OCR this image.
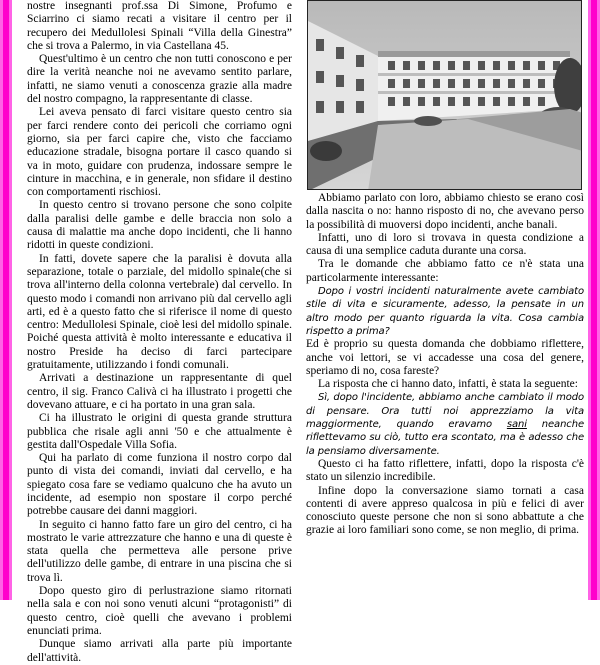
nostre insegnanti prof.ssa Di Simone, Profumo e Sciarrino ci siamo recati a visitare il centro per il recupero dei Medullolesi Spinali “Villa della Ginestra” che si trova a Palermo, in via Castellana 45.

Quest'ultimo è un centro che non tutti conoscono e per dire la verità neanche noi ne avevamo sentito parlare, infatti, ne siamo venuti a conoscenza grazie alla madre del nostro compagno, la rappresentante di classe.

Lei aveva pensato di farci visitare questo centro sia per farci rendere conto dei pericoli che corriamo ogni giorno, sia per farci capire che, visto che facciamo educazione stradale, bisogna portare il casco quando si va in moto, guidare con prudenza, indossare sempre le cinture in macchina, e in generale, non sfidare il destino con comportamenti rischiosi.

In questo centro si trovano persone che sono colpite dalla paralisi delle gambe e delle braccia non solo a causa di malattie ma anche dopo incidenti, che li hanno ridotti in queste condizioni.

In fatti, dovete sapere che la paralisi è dovuta alla separazione, totale o parziale, del midollo spinale(che si trova all'interno della colonna vertebrale) dal cervello. In questo modo i comandi non arrivano più dal cervello agli arti, ed è a questo fatto che si riferisce il nome di questo centro: Medullolesi Spinale, cioè lesi del midollo spinale. Poiché questa attività è molto interessante e educativa il nostro Preside ha deciso di farci partecipare gratuitamente, utilizzando i fondi comunali.

Arrivati a destinazione un rappresentante di quel centro, il sig. Franco Calivà ci ha illustrato i progetti che dovevano attuare, e ci ha portato in una gran sala.

Ci ha illustrato le origini di questa grande struttura pubblica che risale agli anni '50 e che attualmente è gestita dall'Ospedale Villa Sofia.

Qui ha parlato di come funziona il nostro corpo dal punto di vista dei comandi, inviati dal cervello, e ha spiegato cosa fare se vediamo qualcuno che ha avuto un incidente, ad esempio non spostare il corpo perché potrebbe causare dei danni maggiori.

In seguito ci hanno fatto fare un giro del centro, ci ha mostrato le varie attrezzature che hanno e una di queste è stata quella che permetteva alle persone prive dell'utilizzo delle gambe, di entrare in una piscina che si trova lì.

Dopo questo giro di perlustrazione siamo ritornati nella sala e con noi sono venuti alcuni “protagonisti” di questo centro, cioè quelli che avevano i problemi enunciati prima.

Dunque siamo arrivati alla parte più importante dell'attività.

Abbiamo parlato con loro, abbiamo chiesto se erano così dalla nascita o no: hanno risposto di no, che avevano perso la possibilità di muoversi dopo incidenti, anche banali.

Infatti, uno di loro si trovava in questa condizione a causa di una semplice caduta durante una corsa.

Tra le domande che abbiamo fatto ce n'è stata una particolarmente interessante:

Dopo i vostri incidenti naturalmente avete cambiato stile di vita e sicuramente, adesso, la pensate in un altro modo per quanto riguarda la vita. Cosa cambia rispetto a prima?

Ed è proprio su questa domanda che dobbiamo riflettere, anche voi lettori, se vi accadesse una cosa del genere, speriamo di no, cosa fareste?

La risposta che ci hanno dato, infatti, è stata la seguente:

Sì, dopo l'incidente, abbiamo anche cambiato il modo di pensare. Ora tutti noi apprezziamo la vita maggiormente, quando eravamo sani neanche riflettevamo su ciò, tutto era scontato, ma è adesso che la pensiamo diversamente.

Questo ci ha fatto riflettere, infatti, dopo la risposta c'è stato un silenzio incredibile.

Infine dopo la conversazione siamo tornati a casa contenti di avere appreso qualcosa in più e felici di aver conosciuto queste persone che non si sono abbattute a che grazie ai loro familiari sono come, se non meglio, di prima.
